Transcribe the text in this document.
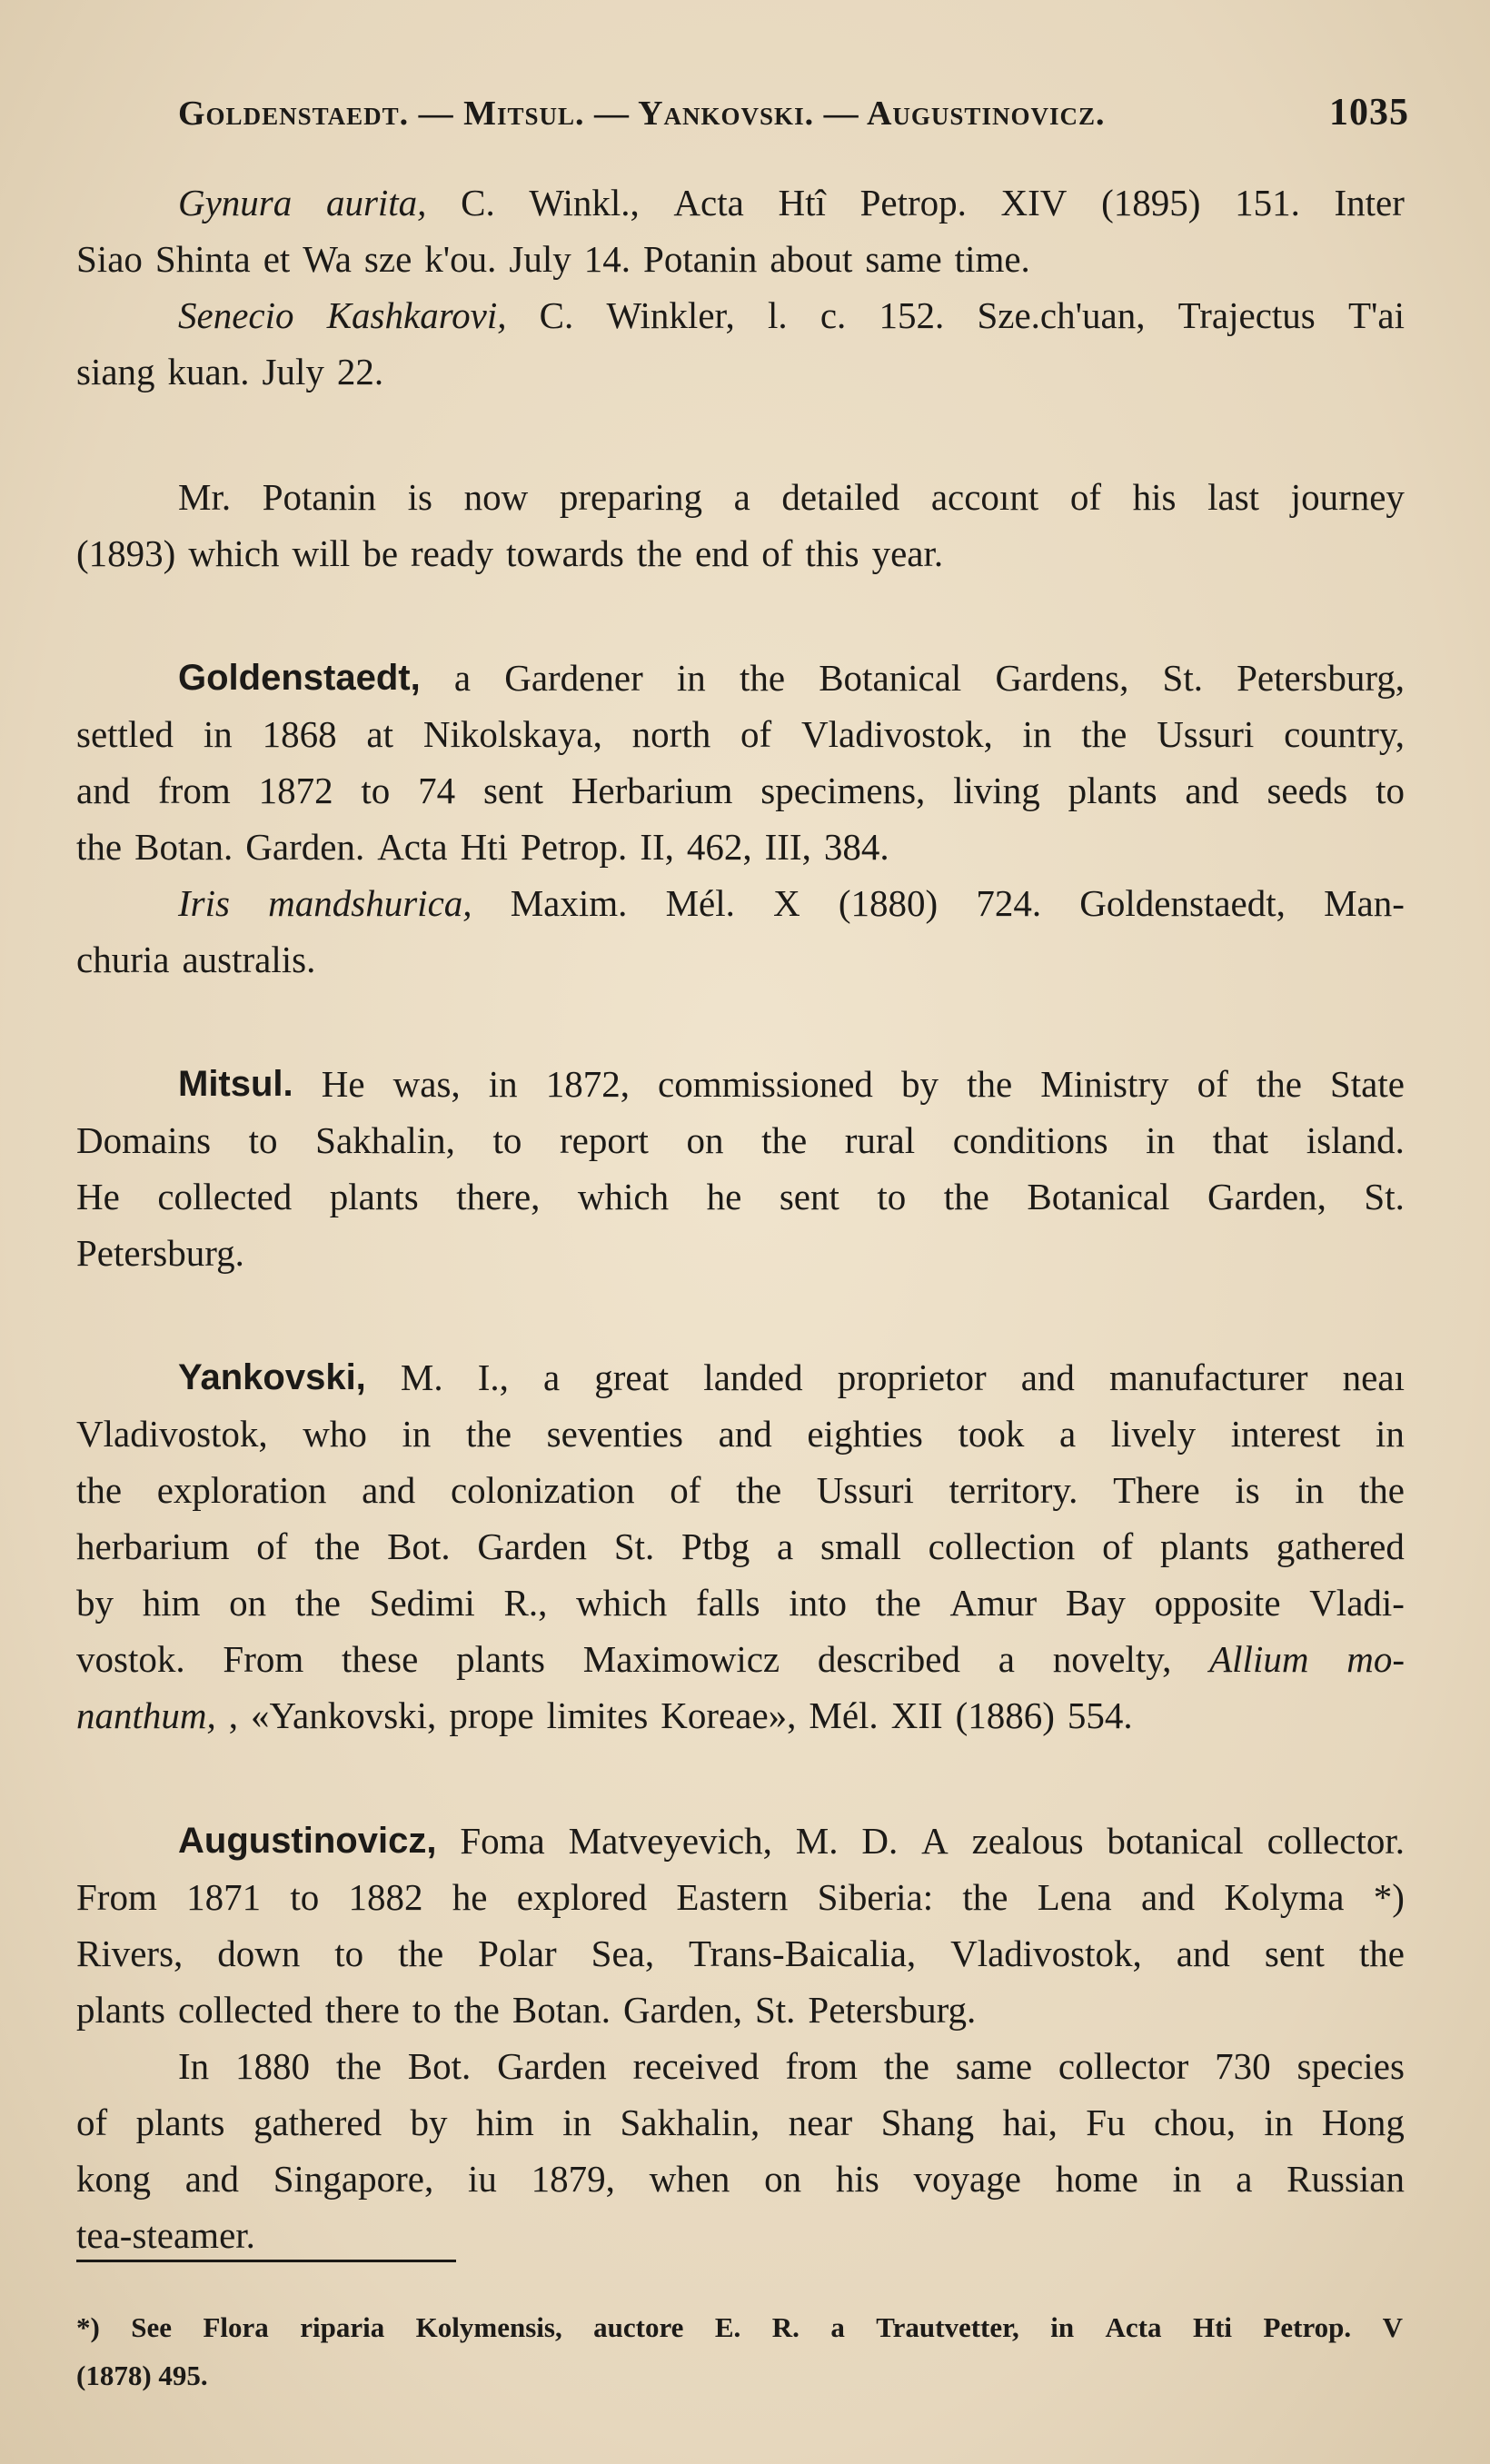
Goldenstaedt. — Mitsul. — Yankovski. — Augustinovicz.	1035
Gynura aurita, C. Winkl., Acta Htî Petrop. XIV (1895) 151. Inter
Siao Shinta et Wa sze k'ou. July 14. Potanin about same time.
Senecio Kashkarovi, C. Winkler, l. c. 152. Sze.ch'uan, Trajectus T'ai
siang kuan. July 22.
Mr. Potanin is now preparing a detailed accoınt of his last journey
(1893) which will be ready towards the end of this year.
Goldenstaedt, a Gardener in the Botanical Gardens, St. Petersburg,
settled in 1868 at Nikolskaya, north of Vladivostok, in the Ussuri country,
and from 1872 to 74 sent Herbarium specimens, living plants and seeds to
the Botan. Garden. Acta Hti Petrop. II, 462, III, 384.
Iris mandshurica, Maxim. Mél. X (1880) 724. Goldenstaedt, Man-
churia australis.
Mitsul. He was, in 1872, commissioned by the Ministry of the State
Domains to Sakhalin, to report on the rural conditions in that island.
He collected plants there, which he sent to the Botanical Garden, St.
Petersburg.
Yankovski, M. I., a great landed proprietor and manufacturer neaı
Vladivostok, who in the seventies and eighties took a lively interest in
the exploration and colonization of the Ussuri territory. There is in the
herbarium of the Bot. Garden St. Ptbg a small collection of plants gathered
by him on the Sedimi R., which falls into the Amur Bay opposite Vladi-
vostok. From these plants Maximowicz described a novelty, Allium mo-
nanthum, , «Yankovski, prope limites Koreae», Mél. XII (1886) 554.
Augustinovicz, Foma Matveyevich, M. D. A zealous botanical collector.
From 1871 to 1882 he explored Eastern Siberia: the Lena and Kolyma *)
Rivers, down to the Polar Sea, Trans-Baicalia, Vladivostok, and sent the
plants collected there to the Botan. Garden, St. Petersburg.
In 1880 the Bot. Garden received from the same collector 730 species
of plants gathered by him in Sakhalin, near Shang hai, Fu chou, in Hong
kong and Singapore, iu 1879, when on his voyage home in a Russian
tea-steamer.
*) See Flora riparia Kolymensis, auctore E. R. a Trautvetter, in Acta Hti Petrop. V
(1878) 495.
